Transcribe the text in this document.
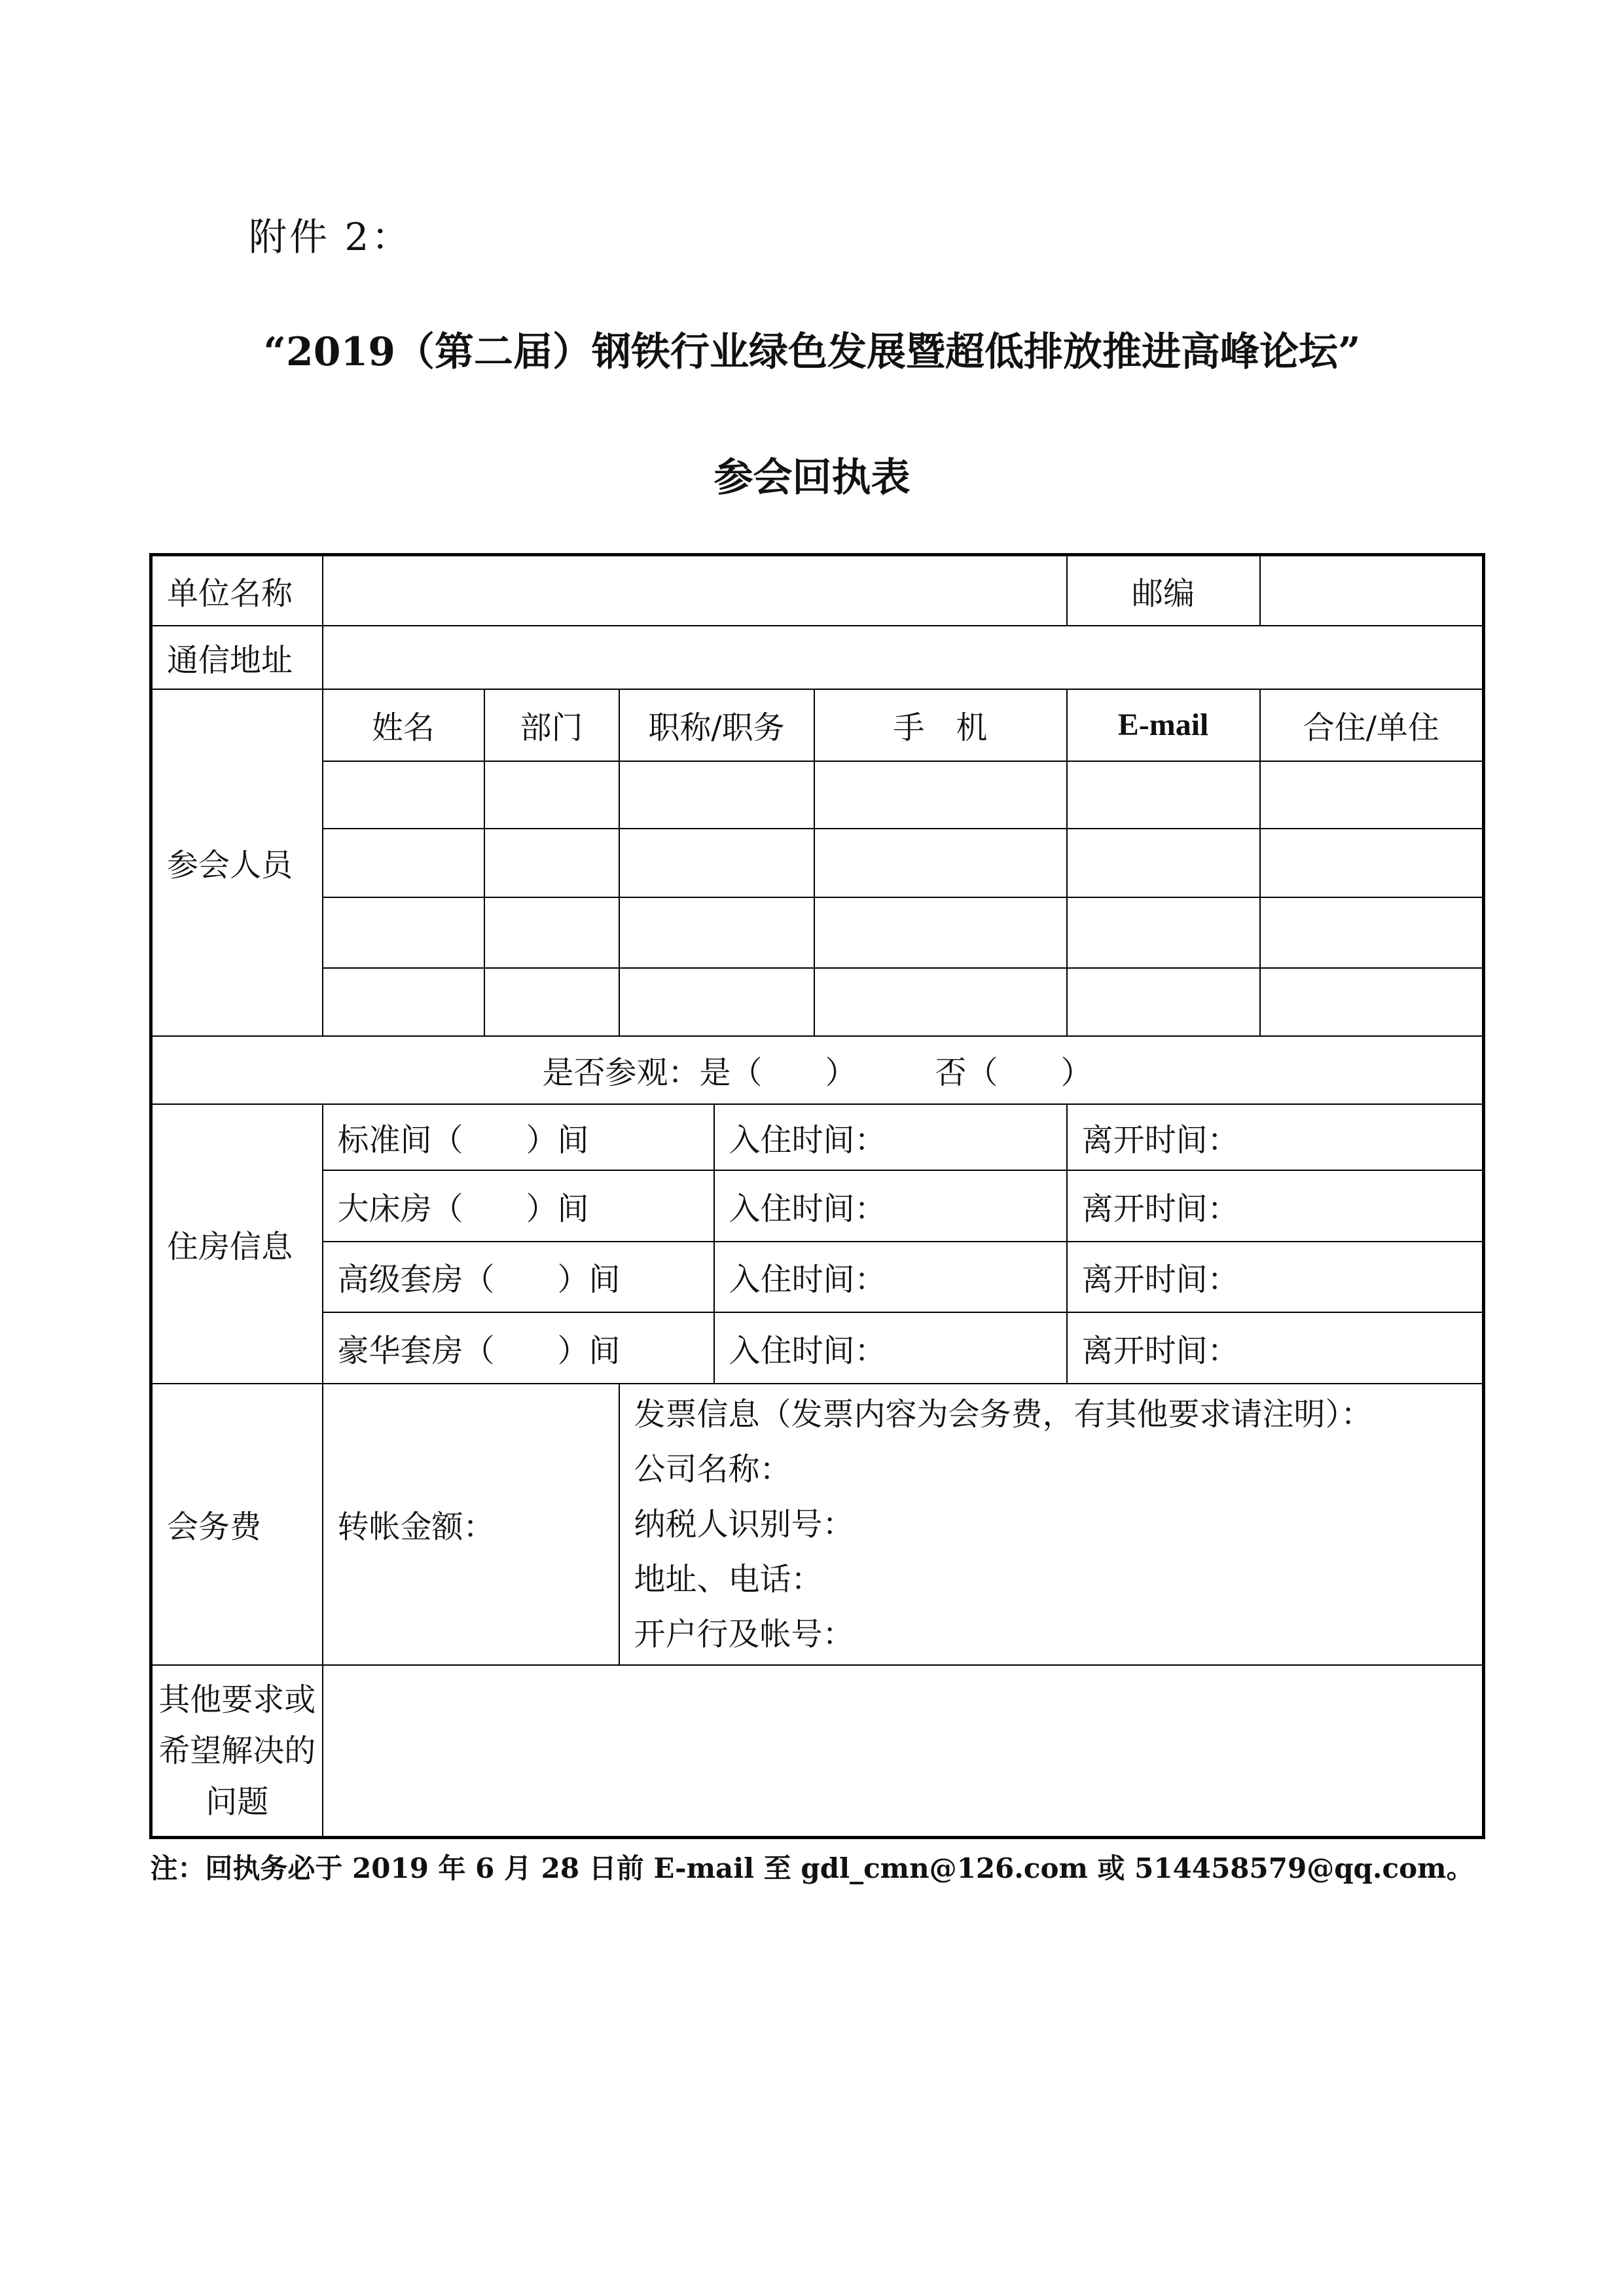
附件 2：
“2019（第二届）钢铁行业绿色发展暨超低排放推进高峰论坛”
参会回执表
单位名称						邮编	
通信地址							
参会人员	姓名	部门	职称/职务		手　机	E-mail	合住/单住

是否参观：是（　　）　　　否（　　）							
住房信息	标准间（　　）间			入住时间：		离开时间：	
	大床房（　　）间			入住时间：		离开时间：	
	高级套房（　　）间			入住时间：		离开时间：	
	豪华套房（　　）间			入住时间：		离开时间：	
会务费	转帐金额：		发票信息（发票内容为会务费，有其他要求请注明）：
公司名称：
纳税人识别号：
地址、电话：
开户行及帐号：				

其他要求或希望解决的问题							
注：回执务必于 2019 年 6 月 28 日前 E-mail 至 gdl_cmn@126.com 或 514458579@qq.com。
